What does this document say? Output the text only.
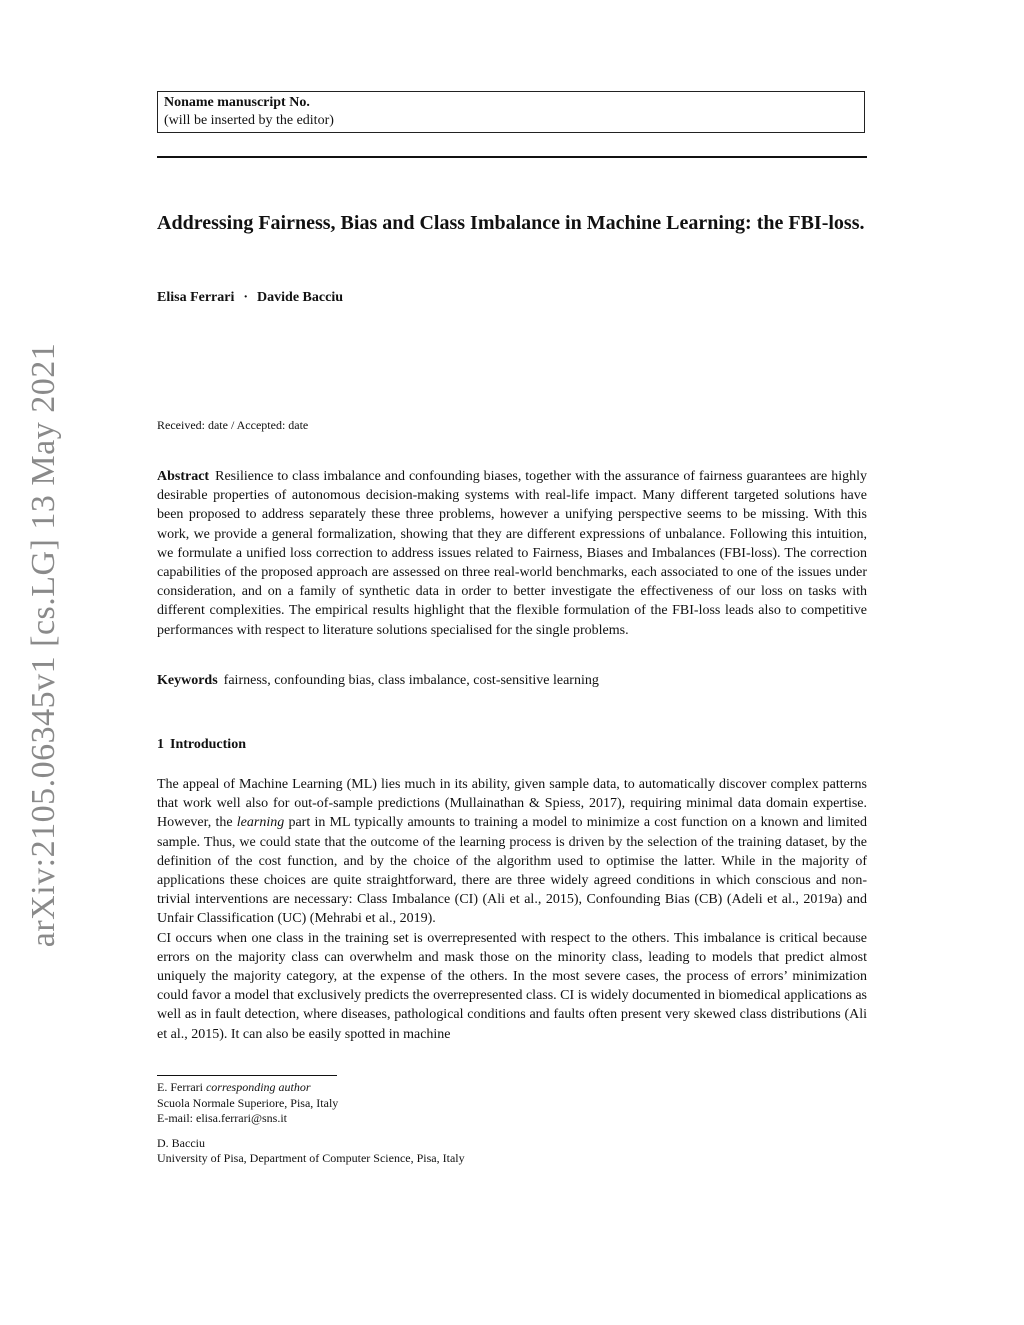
arXiv:2105.06345v1 [cs.LG] 13 May 2021
Noname manuscript No.
(will be inserted by the editor)
Addressing Fairness, Bias and Class Imbalance in Machine Learning: the FBI-loss.
Elisa Ferrari · Davide Bacciu
Received: date / Accepted: date

Abstract Resilience to class imbalance and confounding biases, together with the assurance of fairness guarantees are highly desirable properties of autonomous decision-making systems with real-life impact. Many different targeted solutions have been proposed to address separately these three problems, however a unifying perspective seems to be missing. With this work, we provide a general formalization, showing that they are different expressions of unbalance. Following this intuition, we formulate a unified loss correction to address issues related to Fairness, Biases and Imbalances (FBI-loss). The correction capabilities of the proposed approach are assessed on three real-world benchmarks, each associated to one of the issues under consideration, and on a family of synthetic data in order to better investigate the effectiveness of our loss on tasks with different complexities. The empirical results highlight that the flexible formulation of the FBI-loss leads also to competitive performances with respect to literature solutions specialised for the single problems.

Keywords fairness, confounding bias, class imbalance, cost-sensitive learning
1 Introduction

The appeal of Machine Learning (ML) lies much in its ability, given sample data, to automatically discover complex patterns that work well also for out-of-sample predictions (Mullainathan & Spiess, 2017), requiring minimal data domain expertise. However, the learning part in ML typically amounts to training a model to minimize a cost function on a known and limited sample. Thus, we could state that the outcome of the learning process is driven by the selection of the training dataset, by the definition of the cost function, and by the choice of the algorithm used to optimise the latter. While in the majority of applications these choices are quite straightforward, there are three widely agreed conditions in which conscious and non-trivial interventions are necessary: Class Imbalance (CI) (Ali et al., 2015), Confounding Bias (CB) (Adeli et al., 2019a) and Unfair Classification (UC) (Mehrabi et al., 2019).

CI occurs when one class in the training set is overrepresented with respect to the others. This imbalance is critical because errors on the majority class can overwhelm and mask those on the minority class, leading to models that predict almost uniquely the majority category, at the expense of the others. In the most severe cases, the process of errors’ minimization could favor a model that exclusively predicts the overrepresented class. CI is widely documented in biomedical applications as well as in fault detection, where diseases, pathological conditions and faults often present very skewed class distributions (Ali et al., 2015). It can also be easily spotted in machine

E. Ferrari corresponding author
Scuola Normale Superiore, Pisa, Italy
E-mail: elisa.ferrari@sns.it
D. Bacciu
University of Pisa, Department of Computer Science, Pisa, Italy
